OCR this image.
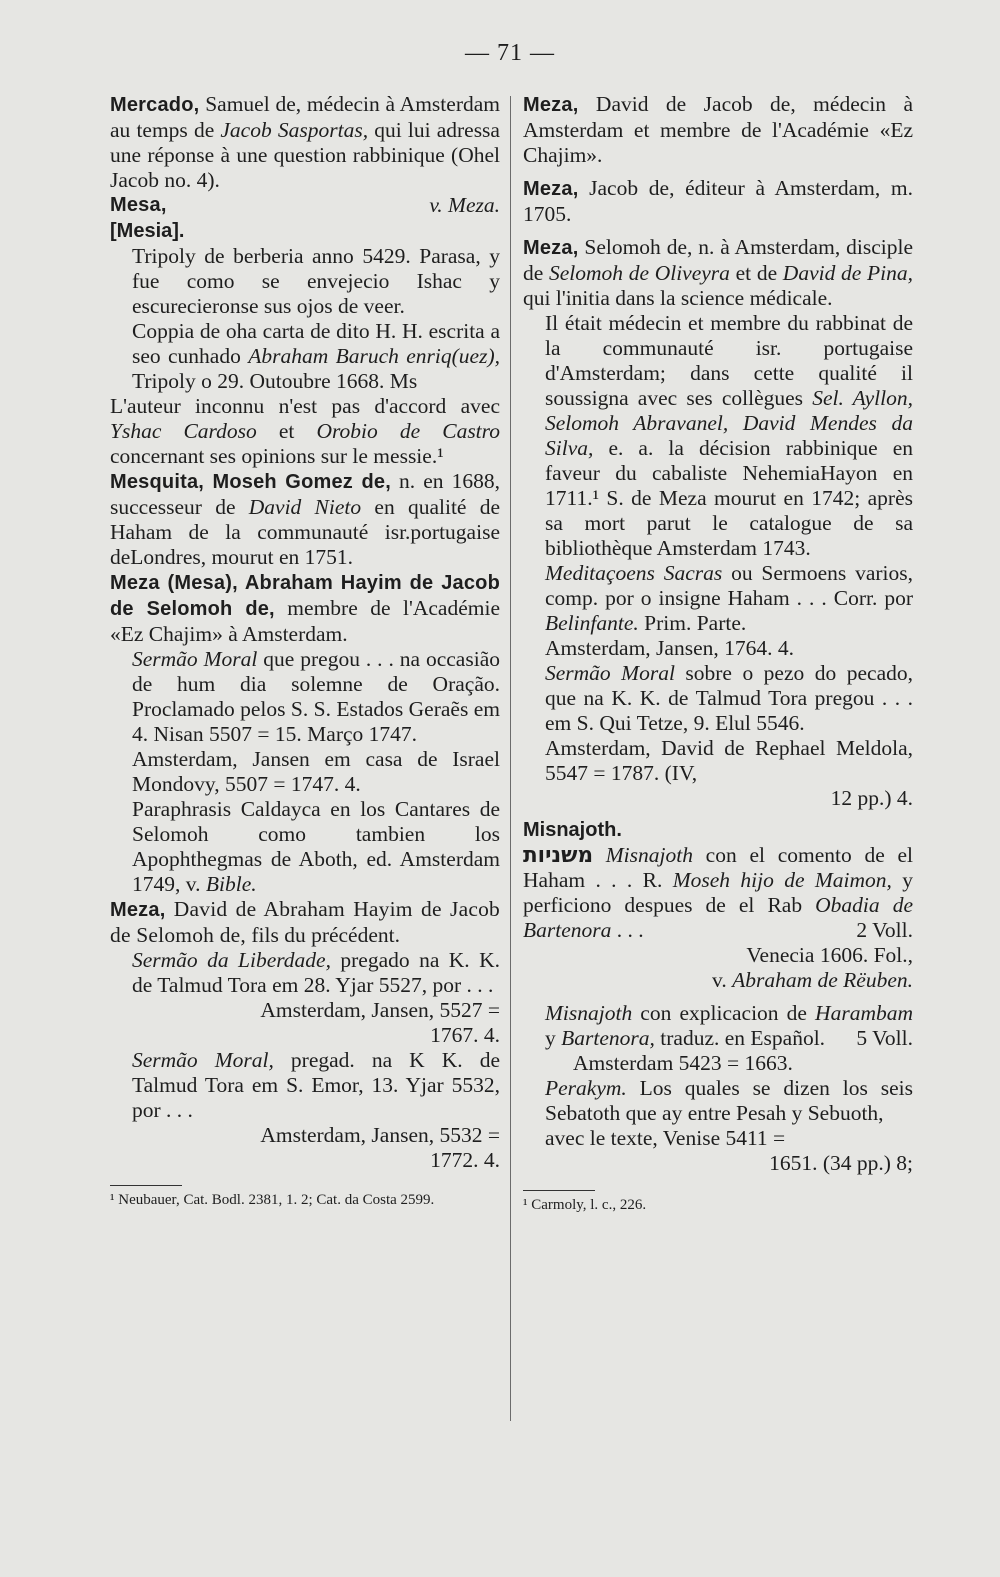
— 71 —

Mercado, Samuel de, médecin à Amsterdam au temps de Jacob Sasportas, qui lui adressa une réponse à une question rabbinique (Ohel Jacob no. 4).

Mesa,	v. Meza.

[Mesia].

Tripoly de berberia anno 5429. Parasa, y fue como se envejecio Ishac y escurecieronse sus ojos de veer.

Coppia de oha carta de dito H. H. escrita a seo cunhado Abraham Baruch enriq(uez), Tripoly o 29. Outoubre 1668. Ms

L'auteur inconnu n'est pas d'accord avec Yshac Cardoso et Orobio de Castro concernant ses opinions sur le messie.¹

Mesquita, Moseh Gomez de, n. en 1688, successeur de David Nieto en qualité de Haham de la communauté isr.portugaise deLondres, mourut en 1751.

Meza (Mesa), Abraham Hayim de Jacob de Selomoh de, membre de l'Académie «Ez Chajim» à Amsterdam.

Sermão Moral que pregou . . . na occasião de hum dia solemne de Oração. Proclamado pelos S. S. Estados Geraẽs em 4. Nisan 5507 = 15. Março 1747.

Amsterdam, Jansen em casa de Israel Mondovy, 5507 = 1747. 4.

Paraphrasis Caldayca en los Cantares de Selomoh como tambien los Apophthegmas de Aboth, ed. Amsterdam 1749, v. Bible.

Meza, David de Abraham Hayim de Jacob de Selomoh de, fils du précédent.

Sermão da Liberdade, pregado na K. K. de Talmud Tora em 28. Yjar 5527, por . . .

Amsterdam, Jansen, 5527 =

1767. 4.

Sermão Moral, pregad. na K K. de Talmud Tora em S. Emor, 13. Yjar 5532, por . . .

Amsterdam, Jansen, 5532 =

1772. 4.

¹ Neubauer, Cat. Bodl. 2381, 1. 2; Cat. da Costa 2599.

Meza, David de Jacob de, médecin à Amsterdam et membre de l'Académie «Ez Chajim».

Meza, Jacob de, éditeur à Amsterdam, m. 1705.

Meza, Selomoh de, n. à Amsterdam, disciple de Selomoh de Oliveyra et de David de Pina, qui l'initia dans la science médicale.

Il était médecin et membre du rabbinat de la communauté isr. portugaise d'Amsterdam; dans cette qualité il soussigna avec ses collègues Sel. Ayllon, Selomoh Abravanel, David Mendes da Silva, e. a. la décision rabbinique en faveur du cabaliste NehemiaHayon en 1711.¹ S. de Meza mourut en 1742; après sa mort parut le catalogue de sa bibliothèque Amsterdam 1743.

Meditaçoens Sacras ou Sermoens varios, comp. por o insigne Haham . . . Corr. por Belinfante. Prim. Parte.

Amsterdam, Jansen, 1764. 4.

Sermão Moral sobre o pezo do pecado, que na K. K. de Talmud Tora pregou . . . em S. Qui Tetze, 9. Elul 5546.

Amsterdam, David de Rephael Meldola, 5547 = 1787. (IV,

12 pp.) 4.

Misnajoth.

משניות Misnajoth con el comento de el Haham . . . R. Moseh hijo de Maimon, y perficiono despues de el Rab Obadia de Bartenora . . .	2 Voll.

Venecia 1606. Fol.,

v. Abraham de Rëuben.

Misnajoth con explicacion de Harambam y Bartenora, traduz. en Español. 5 Voll.

Amsterdam 5423 = 1663.

Perakym. Los quales se dizen los seis Sebatoth que ay entre Pesah y Sebuoth,

avec le texte, Venise 5411 =

1651. (34 pp.) 8;

¹ Carmoly, l. c., 226.
